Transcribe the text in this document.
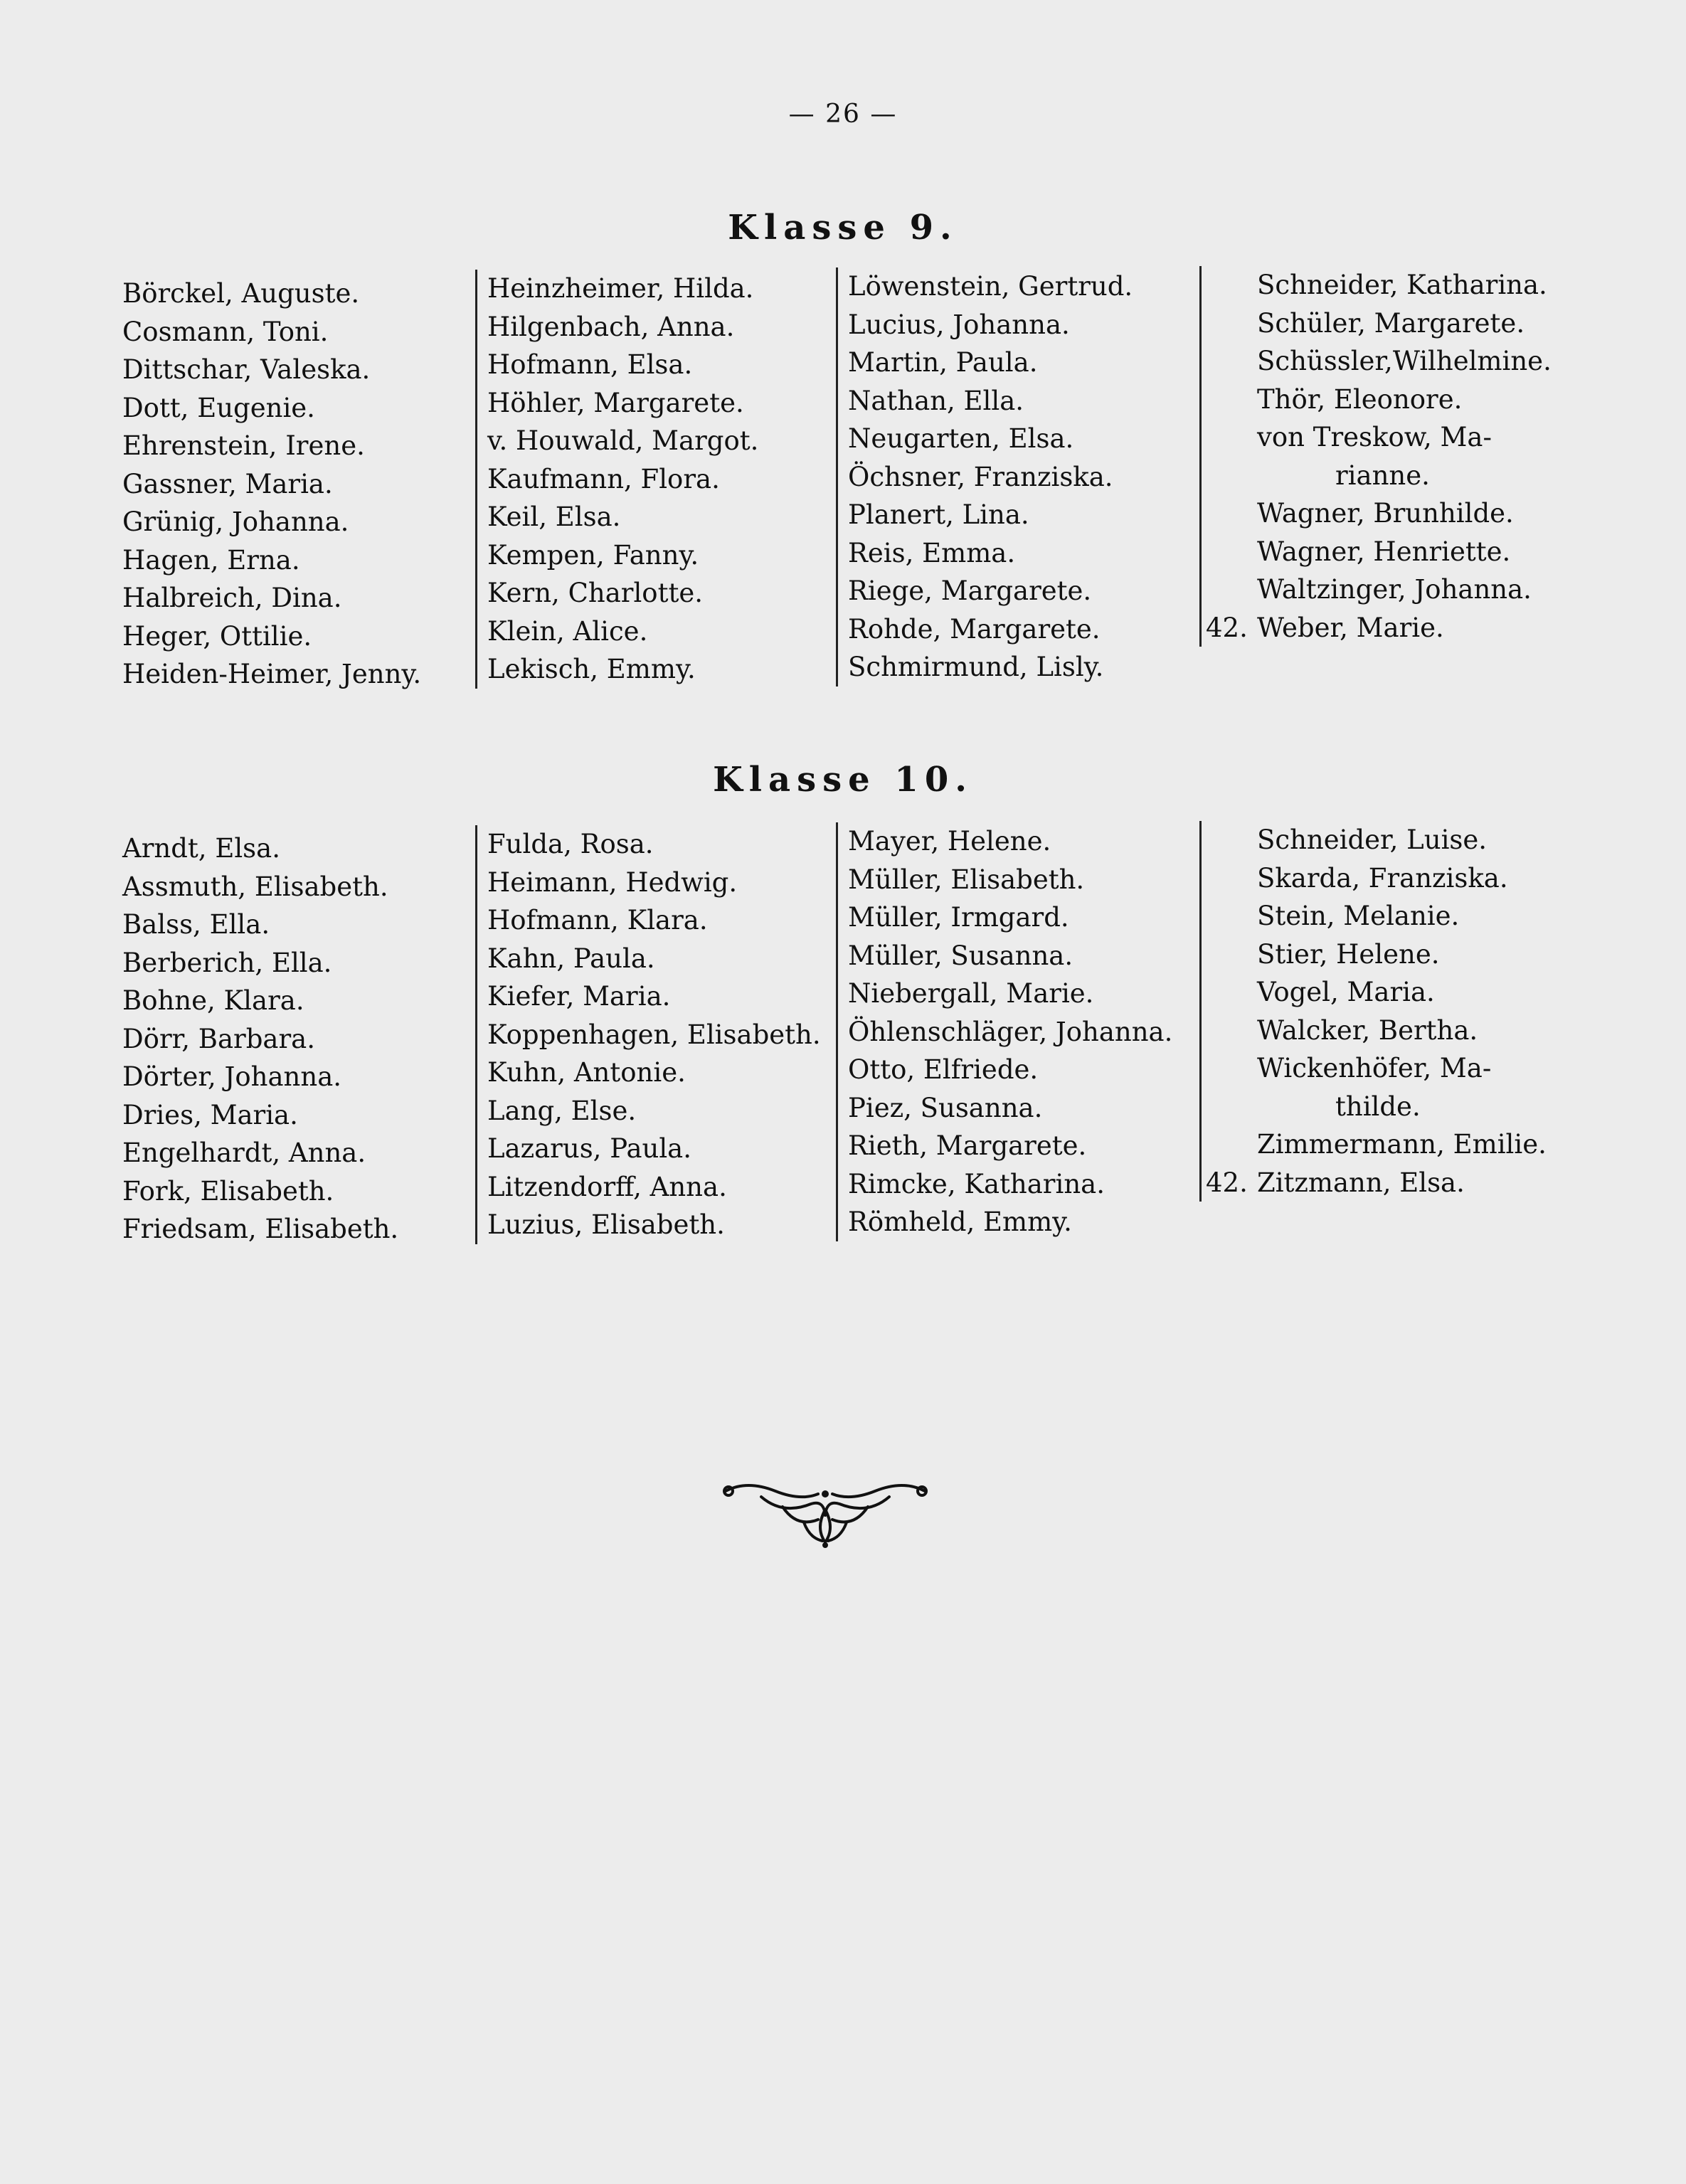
— 26 —
Klasse 9.
Börckel, Auguste.
Cosmann, Toni.
Dittschar, Valeska.
Dott, Eugenie.
Ehrenstein, Irene.
Gassner, Maria.
Grünig, Johanna.
Hagen, Erna.
Halbreich, Dina.
Heger, Ottilie.
Heiden-Heimer, Jenny.
Heinzheimer, Hilda.
Hilgenbach, Anna.
Hofmann, Elsa.
Höhler, Margarete.
v. Houwald, Margot.
Kaufmann, Flora.
Keil, Elsa.
Kempen, Fanny.
Kern, Charlotte.
Klein, Alice.
Lekisch, Emmy.
Löwenstein, Gertrud.
Lucius, Johanna.
Martin, Paula.
Nathan, Ella.
Neugarten, Elsa.
Öchsner, Franziska.
Planert, Lina.
Reis, Emma.
Riege, Margarete.
Rohde, Margarete.
Schmirmund, Lisly.
Schneider, Katharina.
Schüler, Margarete.
Schüssler,Wilhelmine.
Thör, Eleonore.
von Treskow, Ma-
rianne.
Wagner, Brunhilde.
Wagner, Henriette.
Waltzinger, Johanna.
42. Weber, Marie.
Klasse 10.
Arndt, Elsa.
Assmuth, Elisabeth.
Balss, Ella.
Berberich, Ella.
Bohne, Klara.
Dörr, Barbara.
Dörter, Johanna.
Dries, Maria.
Engelhardt, Anna.
Fork, Elisabeth.
Friedsam, Elisabeth.
Fulda, Rosa.
Heimann, Hedwig.
Hofmann, Klara.
Kahn, Paula.
Kiefer, Maria.
Koppenhagen, Elisabeth.
Kuhn, Antonie.
Lang, Else.
Lazarus, Paula.
Litzendorff, Anna.
Luzius, Elisabeth.
Mayer, Helene.
Müller, Elisabeth.
Müller, Irmgard.
Müller, Susanna.
Niebergall, Marie.
Öhlenschläger, Johanna.
Otto, Elfriede.
Piez, Susanna.
Rieth, Margarete.
Rimcke, Katharina.
Römheld, Emmy.
Schneider, Luise.
Skarda, Franziska.
Stein, Melanie.
Stier, Helene.
Vogel, Maria.
Walcker, Bertha.
Wickenhöfer, Ma-
thilde.
Zimmermann, Emilie.
42. Zitzmann, Elsa.
